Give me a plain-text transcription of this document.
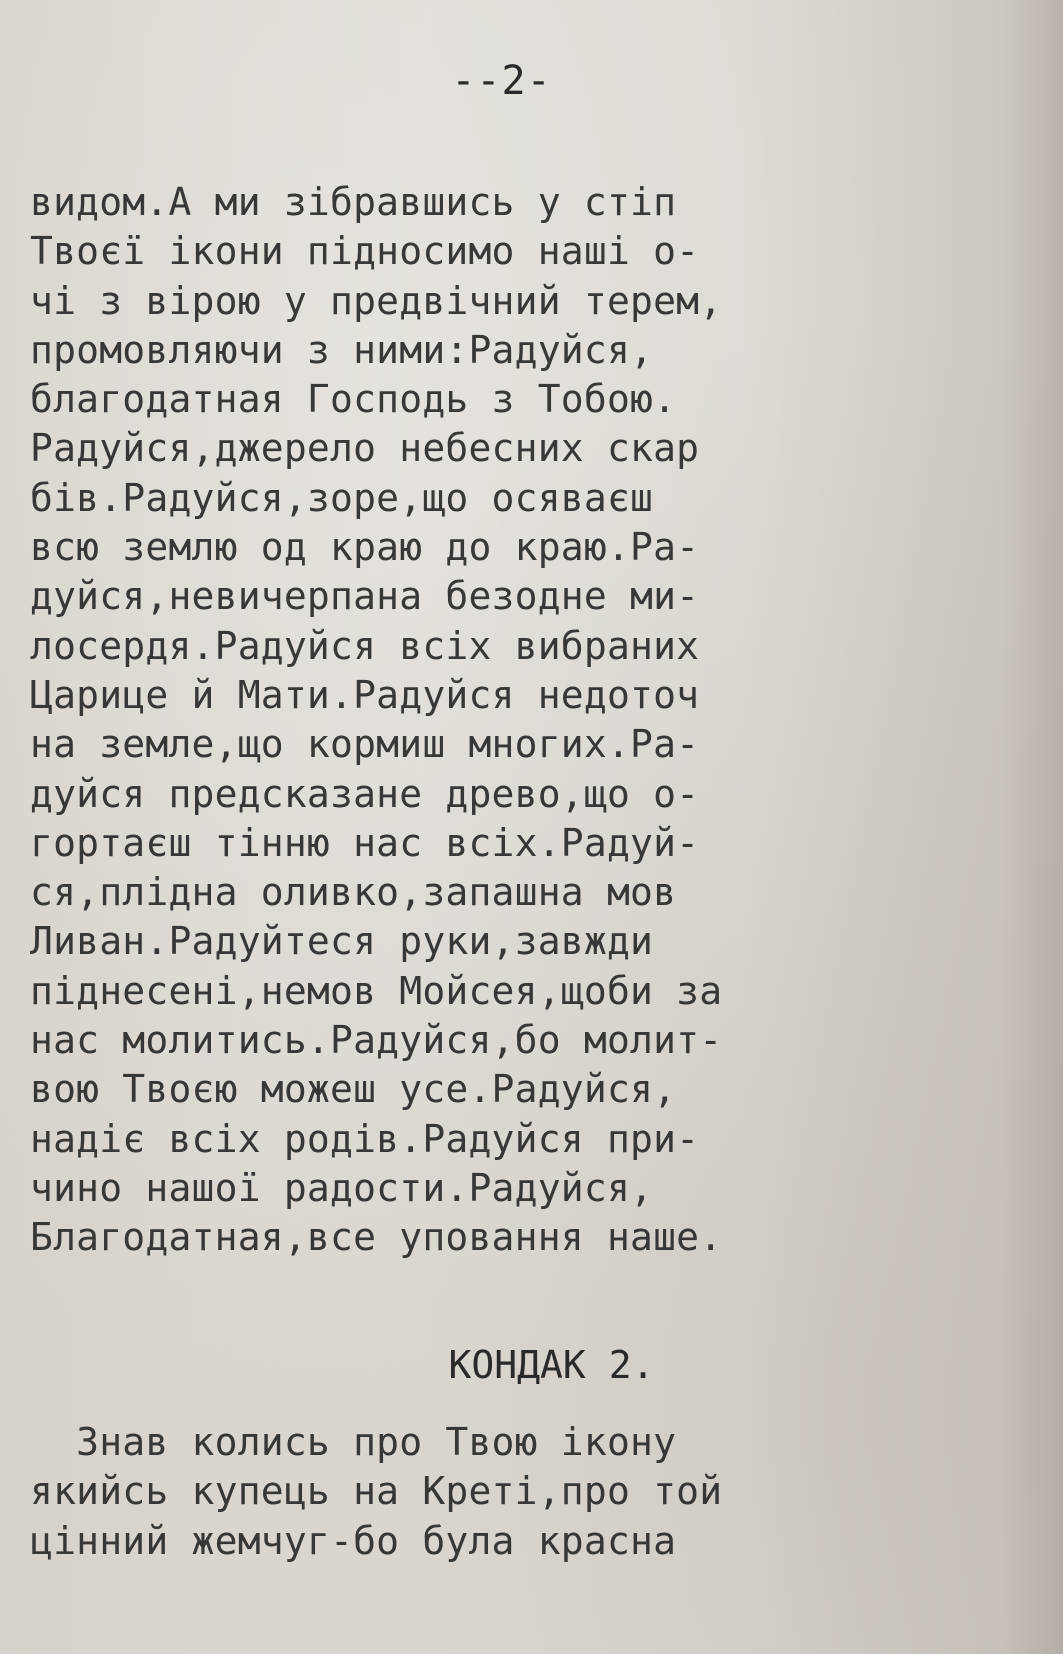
--2-
видом.А ми зібравшись у стіп
Твоєї ікони підносимо наші о-
чі з вірою у предвічний терем,
промовляючи з ними:Радуйся,
благодатная Господь з Тобою.
Радуйся,джерело небесних скар
бів.Радуйся,зоре,що осяваєш
всю землю од краю до краю.Ра-
дуйся,невичерпана безодне ми-
лосердя.Радуйся всіх вибраних
Царице й Мати.Радуйся недоточ
на земле,що кормиш многих.Ра-
дуйся предсказане древо,що о-
гортаєш тінню нас всіх.Радуй-
ся,плідна оливко,запашна мов
Ливан.Радуйтеся руки,завжди
піднесені,немов Мойсея,щоби за
нас молитись.Радуйся,бо молит-
вою Твоєю можеш усе.Радуйся,
надіє всіх родів.Радуйся при-
чино нашої радости.Радуйся,
Благодатная,все уповання наше.
КОНДАК 2.
Знав колись про Твою ікону
якийсь купець на Креті,про той
цінний жемчуг-бо була красна
